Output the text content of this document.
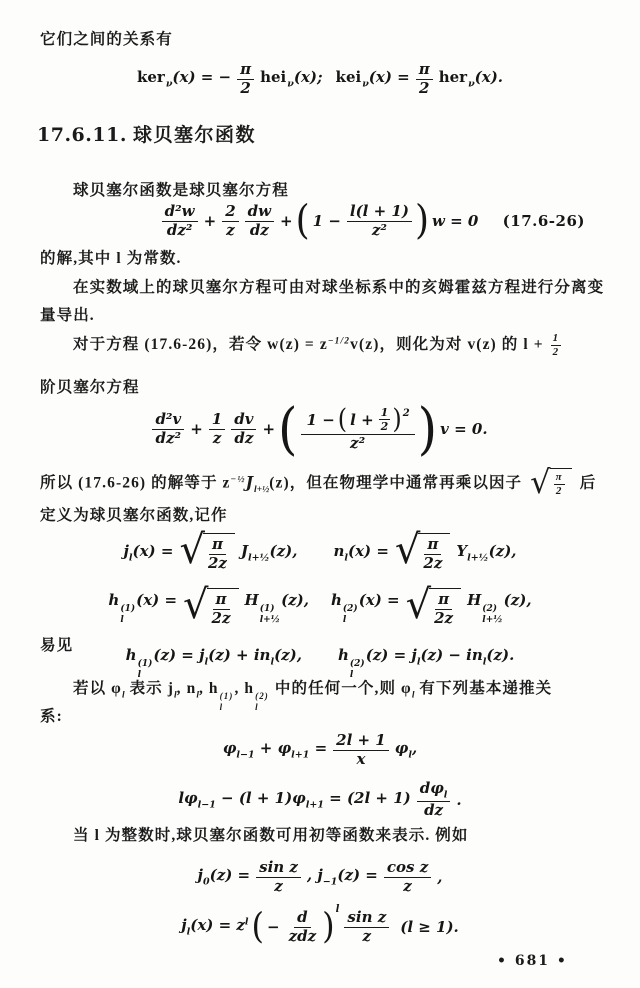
它们之间的关系有
ker$_\nu$(x) = − $\frac{\pi}{2} hei_\nu(x)$; $kei_\nu(x) = \frac{\pi}{2} her_\nu(x)$.
17.6.11. 球贝塞尔函数
球贝塞尔函数是球贝塞尔方程
$\frac{\text{d²w}}{\text{dz²}} + \frac{2}{z} \frac{dw}{dz}$ + ( $1 - \frac{l(l + 1)}{\text{z²}}$ ) w = 0 (17.6-26)
的解,其中 l 为常数.
在实数域上的球贝塞尔方程可由对球坐标系中的亥姆霍兹方程进行分离变
量导出.
对于方程 (17.6-26)，若令 $w(z) = z^{-1/2}v(z)$，则化为对 v(z) 的 $l + \frac{1}{2}$
阶贝塞尔方程
$\frac{\text{d²v}}{\text{dz²}} + \frac{1}{z} \frac{dv}{dz}$ + ( $\frac{1 - ( l + \frac{1}{2} ) 2}{\text{z²}}$ ) v = 0.
所以 (17.6-26) 的解等于 $z^{-\frac{1}{2}}J_{l+\frac{1}{2}}(z)$，但在物理学中通常再乘以因子 √ $\frac{\pi}{2}$ 后
定义为球贝塞尔函数,记作
$j_l(x)$ = √ $\frac{\pi}{2z} J_{l+\frac{1}{2}}(z)$, $n_l(x)$ = √ $\frac{\pi}{2z} Y_{l+\frac{1}{2}}(z)$,
h (1)
l
(x) = √ $\frac{\pi}{2z}$ H (1)
l+½
(z), h (2)
l
(x) = √ $\frac{\pi}{2z}$ H (2)
l+½
(z),
易见
h (1)
l
$(z) = j_l(z) + in_l(z)$, h (2)
l
$(z) = j_l(z) - in_l(z)$.
若以 $\varphi_l$ 表示 $j_l$, $n_l$, h (1)
l
, h (2)
l
中的任何一个,则 $\varphi_l$ 有下列基本递推关
系:
$\varphi_{l-1} + \varphi_{l+1} = \frac{2l + 1}{x} \varphi_l$,
$l\varphi_{l-1} - (l + 1)\varphi_{l+1} = (2l + 1) \frac{d\varphi_l}{dz}$ .
当 l 为整数时,球贝塞尔函数可用初等函数来表示. 例如
$j_0(z) = \frac{\text{sin z}}{z}$ , $j_{-1}(z) = \frac{\text{cos z}}{z}$ ,
$j_l(x) = z^l$ ( − $\frac{d}{\text{zdz}}$ ) l
$\frac{\text{sin z}}{z} (l \ge 1)$.
• 681 •
